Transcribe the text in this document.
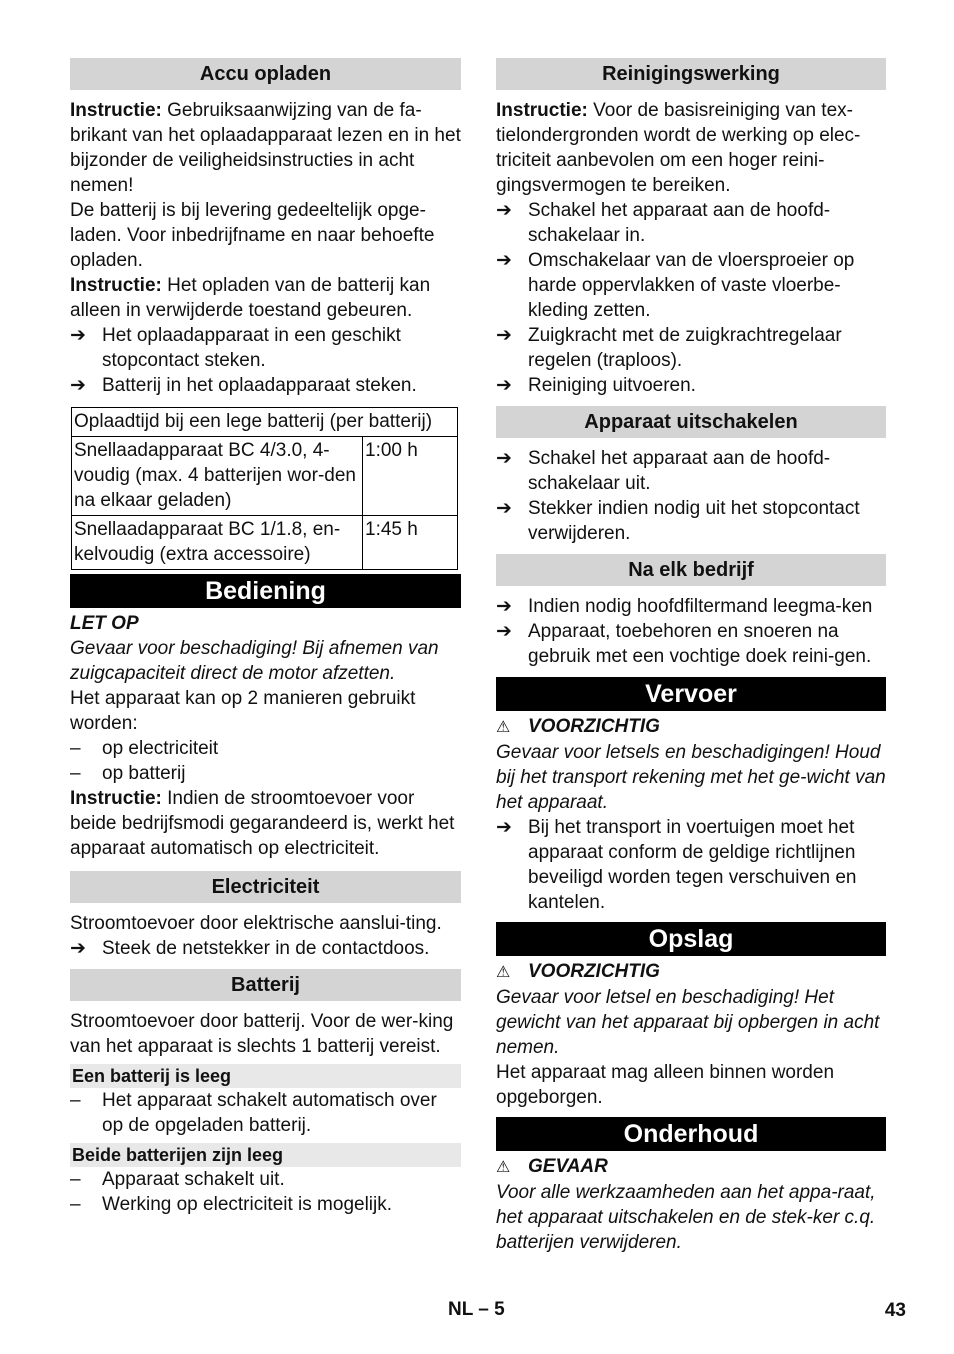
Accu opladen

Instructie: Gebruiksaanwijzing van de fa-brikant van het oplaadapparaat lezen en in het bijzonder de veiligheidsinstructies in acht nemen!

De batterij is bij levering gedeeltelijk opge-laden. Voor inbedrijfname en naar behoefte opladen.

Instructie: Het opladen van de batterij kan alleen in verwijderde toestand gebeuren.

➔ Het oplaadapparaat in een geschikt stopcontact steken.
➔ Batterij in het oplaadapparaat steken.
Oplaadtijd bij een lege batterij (per batterij)	
Snellaadapparaat BC 4/3.0, 4-voudig (max. 4 batterijen wor-den na elkaar geladen)	1:00 h
Snellaadapparaat BC 1/1.8, en-kelvoudig (extra accessoire)	1:45 h
Bediening

LET OP

Gevaar voor beschadiging! Bij afnemen van zuigcapaciteit direct de motor afzetten.

Het apparaat kan op 2 manieren gebruikt worden:

–	op electriciteit
–	op batterij

Instructie: Indien de stroomtoevoer voor beide bedrijfsmodi gegarandeerd is, werkt het apparaat automatisch op electriciteit.

Electriciteit

Stroomtoevoer door elektrische aanslui-ting.

➔ Steek de netstekker in de contactdoos.
Batterij

Stroomtoevoer door batterij. Voor de wer-king van het apparaat is slechts 1 batterij vereist.

Een batterij is leeg
–	Het apparaat schakelt automatisch over op de opgeladen batterij.
Beide batterijen zijn leeg
–	Apparaat schakelt uit.
–	Werking op electriciteit is mogelijk.
Reinigingswerking

Instructie: Voor de basisreiniging van tex-tielondergronden wordt de werking op elec-triciteit aanbevolen om een hoger reini-gingsvermogen te bereiken.

➔ Schakel het apparaat aan de hoofd-schakelaar in.
➔ Omschakelaar van de vloersproeier op harde oppervlakken of vaste vloerbe-kleding zetten.
➔ Zuigkracht met de zuigkrachtregelaar regelen (traploos).
➔ Reiniging uitvoeren.
Apparaat uitschakelen
➔ Schakel het apparaat aan de hoofd-schakelaar uit.
➔ Stekker indien nodig uit het stopcontact verwijderen.
Na elk bedrijf
➔ Indien nodig hoofdfiltermand leegma-ken
➔ Apparaat, toebehoren en snoeren na gebruik met een vochtige doek reini-gen.
Vervoer

⚠ VOORZICHTIG

Gevaar voor letsels en beschadigingen! Houd bij het transport rekening met het ge-wicht van het apparaat.

➔ Bij het transport in voertuigen moet het apparaat conform de geldige richtlijnen beveiligd worden tegen verschuiven en kantelen.
Opslag

⚠ VOORZICHTIG

Gevaar voor letsel en beschadiging! Het gewicht van het apparaat bij opbergen in acht nemen.

Het apparaat mag alleen binnen worden opgeborgen.

Onderhoud

⚠ GEVAAR

Voor alle werkzaamheden aan het appa-raat, het apparaat uitschakelen en de stek-ker c.q. batterijen verwijderen.

NL – 5	43
